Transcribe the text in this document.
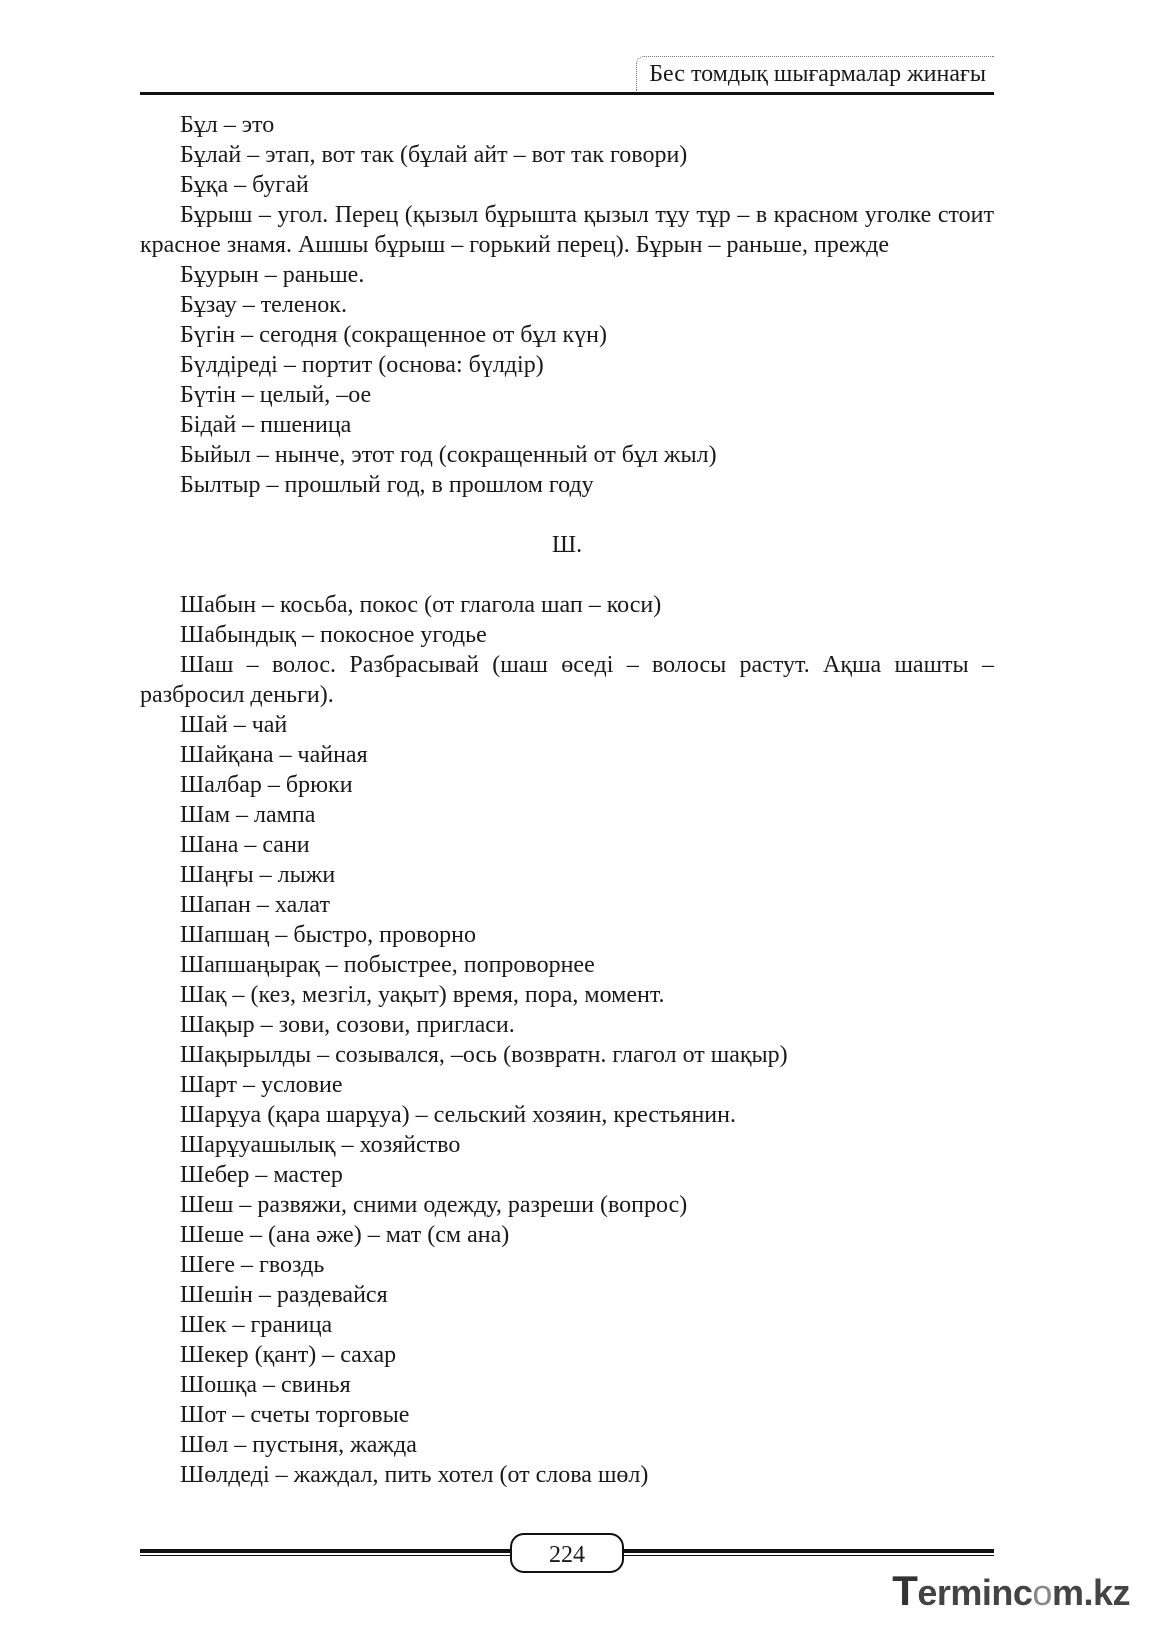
Бес томдық шығармалар жинағы

Бұл – это

Бұлай – этап, вот так (бұлай айт – вот так говори)

Бұқа – бугай

Бұрыш – угол. Перец (қызыл бұрышта қызыл тұу тұр – в красном уголке стоит красное знамя. Ашшы бұрыш – горький перец). Бұрын – раньше, прежде

Бұурын – раньше.

Бұзау – теленок.

Бүгін – сегодня (сокращенное от бұл күн)

Бүлдіреді – портит (основа: бүлдір)

Бүтін – целый, –ое

Бідай – пшеница

Быйыл – нынче, этот год (сокращенный от бұл жыл)

Былтыр – прошлый год, в прошлом году

Ш.

Шабын – косьба, покос (от глагола шап – коси)

Шабындық – покосное угодье

Шаш – волос. Разбрасывай (шаш өседі – волосы растут. Ақша шашты – разбросил деньги).

Шай – чай

Шайқана – чайная

Шалбар – брюки

Шам – лампа

Шана – сани

Шаңғы – лыжи

Шапан – халат

Шапшаң – быстро, проворно

Шапшаңырақ – побыстрее, попроворнее

Шақ – (кез, мезгіл, уақыт) время, пора, момент.

Шақыр – зови, созови, пригласи.

Шақырылды – созывался, –ось (возвратн. глагол от шақыр)

Шарт – условие

Шарұуа (қара шарұуа) – сельский хозяин, крестьянин.

Шарұуашылық – хозяйство

Шебер – мастер

Шеш – развяжи, сними одежду, разреши (вопрос)

Шеше – (ана әже) – мат (см ана)

Шеге – гвоздь

Шешін – раздевайся

Шек – граница

Шекер (қант) – сахар

Шошқа – свинья

Шот – счеты торговые

Шөл – пустыня, жажда

Шөлдеді – жаждал, пить хотел (от слова шөл)

224
Termincom.kz
